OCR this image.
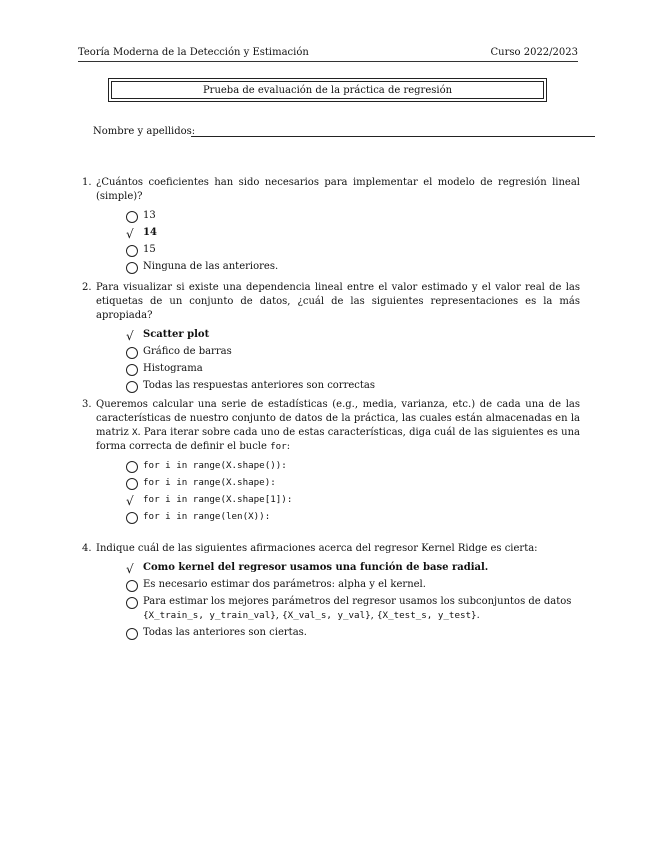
Teoría Moderna de la Detección y Estimación	Curso 2022/2023
Prueba de evaluación de la práctica de regresión
Nombre y apellidos:
1. ¿Cuántos coeficientes han sido necesarios para implementar el modelo de regresión lineal (simple)?
13
√ 14
15
Ninguna de las anteriores.
2. Para visualizar si existe una dependencia lineal entre el valor estimado y el valor real de las etiquetas de un conjunto de datos, ¿cuál de las siguientes representaciones es la más apropiada?
√ Scatter plot
Gráfico de barras
Histograma
Todas las respuestas anteriores son correctas
3. Queremos calcular una serie de estadísticas (e.g., media, varianza, etc.) de cada una de las características de nuestro conjunto de datos de la práctica, las cuales están almacenadas en la matriz X. Para iterar sobre cada uno de estas características, diga cuál de las siguientes es una forma correcta de definir el bucle for:
for i in range(X.shape()):
for i in range(X.shape):
√ for i in range(X.shape[1]):
for i in range(len(X)):
4. Indique cuál de las siguientes afirmaciones acerca del regresor Kernel Ridge es cierta:
√ Como kernel del regresor usamos una función de base radial.
Es necesario estimar dos parámetros: alpha y el kernel.
Para estimar los mejores parámetros del regresor usamos los subconjuntos de datos {X_train_s, y_train_val}, {X_val_s, y_val}, {X_test_s, y_test}.
Todas las anteriores son ciertas.
